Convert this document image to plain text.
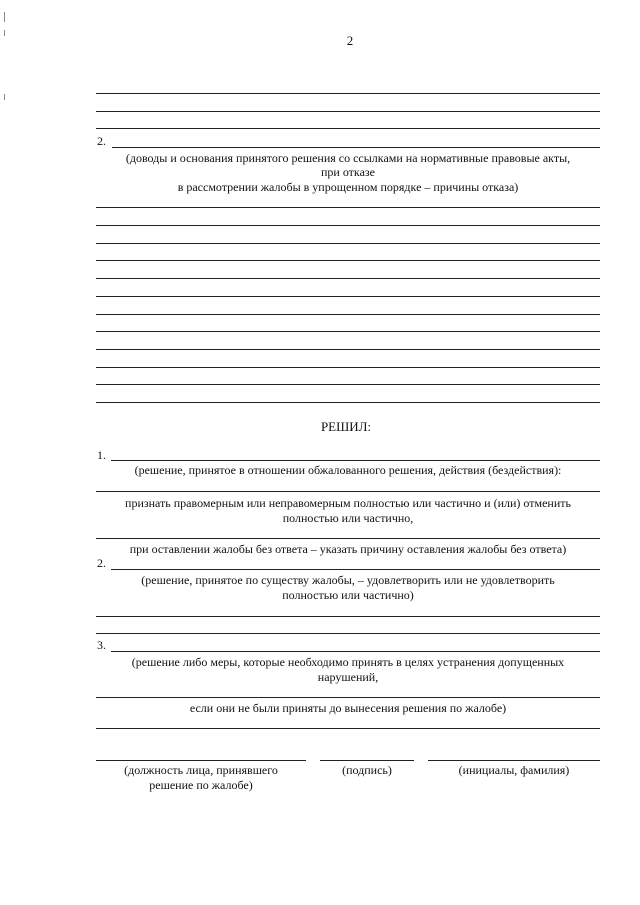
2
2.
(доводы и основания принятого решения со ссылками на нормативные правовые акты,
при отказе
в рассмотрении жалобы в упрощенном порядке – причины отказа)
РЕШИЛ:
1.
(решение, принятое в отношении обжалованного решения, действия (бездействия):
признать правомерным или неправомерным полностью или частично и (или) отменить
полностью или частично,
при оставлении жалобы без ответа – указать причину оставления жалобы без ответа)
2.
(решение, принятое по существу жалобы, – удовлетворить или не удовлетворить
полностью или частично)
3.
(решение либо меры, которые необходимо принять в целях устранения допущенных
нарушений,
если они не были приняты до вынесения решения по жалобе)
(должность лица, принявшего
решение по жалобе)
(подпись)	(инициалы, фамилия)
